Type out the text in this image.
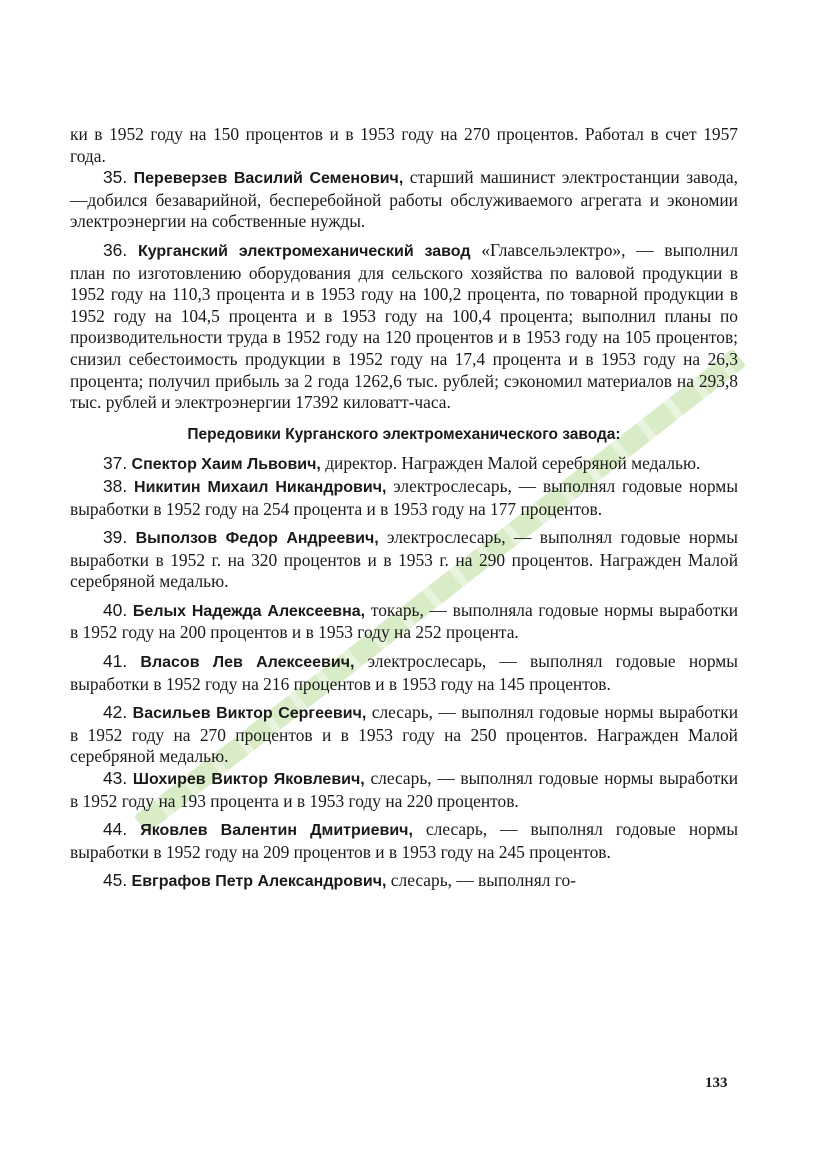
ки в 1952 году на 150 процентов и в 1953 году на 270 процентов. Работал в счет 1957 года.

35. Переверзев Василий Семенович, старший машинист электростанции завода,—добился безаварийной, бесперебойной работы обслуживаемого агрегата и экономии электроэнергии на собственные нужды.

36. Курганский электромеханический завод «Главсельэлектро», — выполнил план по изготовлению оборудования для сельского хозяйства по валовой продукции в 1952 году на 110,3 процента и в 1953 году на 100,2 процента, по товарной продукции в 1952 году на 104,5 процента и в 1953 году на 100,4 процента; выполнил планы по производительности труда в 1952 году на 120 процентов и в 1953 году на 105 процентов; снизил себестоимость продукции в 1952 году на 17,4 процента и в 1953 году на 26,3 процента; получил прибыль за 2 года 1262,6 тыс. рублей; сэкономил материалов на 293,8 тыс. рублей и электроэнергии 17392 киловатт-часа.

Передовики Курганского электромеханического завода:

37. Спектор Хаим Львович, директор. Награжден Малой серебряной медалью.

38. Никитин Михаил Никандрович, электрослесарь, — выполнял годовые нормы выработки в 1952 году на 254 процента и в 1953 году на 177 процентов.

39. Выползов Федор Андреевич, электрослесарь, — выполнял годовые нормы выработки в 1952 г. на 320 процентов и в 1953 г. на 290 процентов. Награжден Малой серебряной медалью.

40. Белых Надежда Алексеевна, токарь, — выполняла годовые нормы выработки в 1952 году на 200 процентов и в 1953 году на 252 процента.

41. Власов Лев Алексеевич, электрослесарь, — выполнял годовые нормы выработки в 1952 году на 216 процентов и в 1953 году на 145 процентов.

42. Васильев Виктор Сергеевич, слесарь, — выполнял годовые нормы выработки в 1952 году на 270 процентов и в 1953 году на 250 процентов. Награжден Малой серебряной медалью.

43. Шохирев Виктор Яковлевич, слесарь, — выполнял годовые нормы выработки в 1952 году на 193 процента и в 1953 году на 220 процентов.

44. Яковлев Валентин Дмитриевич, слесарь, — выполнял годовые нормы выработки в 1952 году на 209 процентов и в 1953 году на 245 процентов.

45. Евграфов Петр Александрович, слесарь, — выполнял го-

133
